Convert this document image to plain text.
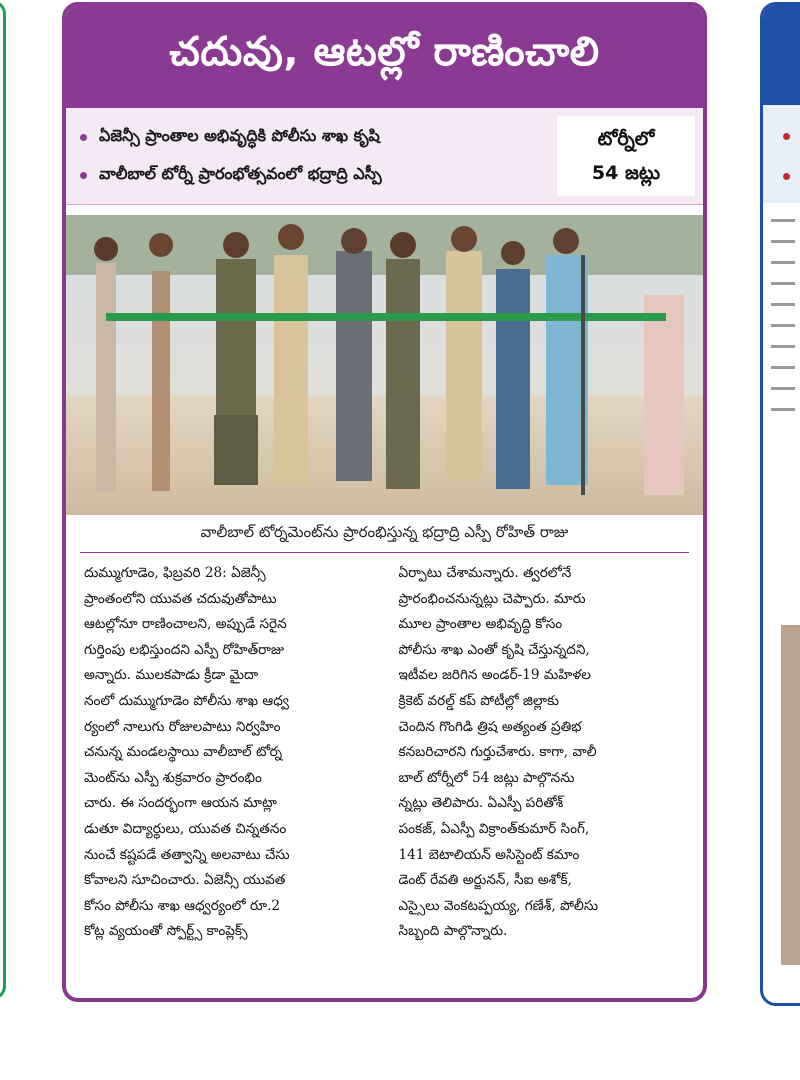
చదువు, ఆటల్లో రాణించాలి
ఏజెన్సీ ప్రాంతాల అభివృద్ధికి పోలీసు శాఖ కృషి
వాలీబాల్ టోర్నీ ప్రారంభోత్సవంలో భద్రాద్రి ఎస్పీ
టోర్నీలో
54 జట్లు
వాలీబాల్ టోర్నమెంట్‌ను ప్రారంభిస్తున్న భద్రాద్రి ఎస్పీ రోహిత్ రాజు
దుమ్ముగూడెం, ఫిబ్రవరి 28: ఏజెన్సీ
ప్రాంతంలోని యువత చదువుతోపాటు
ఆటల్లోనూ రాణించాలని, అప్పుడే సరైన
గుర్తింపు లభిస్తుందని ఎస్పీ రోహిత్‌రాజు
అన్నారు. ములకపాడు క్రీడా మైదా
నంలో దుమ్ముగూడెం పోలీసు శాఖ ఆధ్వ
ర్యంలో నాలుగు రోజులపాటు నిర్వహిం
చనున్న మండలస్థాయి వాలీబాల్ టోర్న
మెంట్‌ను ఎస్పీ శుక్రవారం ప్రారంభిం
చారు. ఈ సందర్భంగా ఆయన మాట్లా
డుతూ విద్యార్థులు, యువత చిన్నతనం
నుంచే కష్టపడే తత్వాన్ని అలవాటు చేసు
కోవాలని సూచించారు. ఏజెన్సీ యువత
కోసం పోలీసు శాఖ ఆధ్వర్యంలో రూ.2
కోట్ల వ్యయంతో స్పోర్ట్స్ కాంప్లెక్స్
ఏర్పాటు చేశామన్నారు. త్వరలోనే
ప్రారంభించనున్నట్లు చెప్పారు. మారు
మూల ప్రాంతాల అభివృద్ధి కోసం
పోలీసు శాఖ ఎంతో కృషి చేస్తున్నదని,
ఇటీవల జరిగిన అండర్-19 మహిళల
క్రికెట్ వరల్డ్ కప్ పోటీల్లో జిల్లాకు
చెందిన గొంగిడి త్రిష అత్యంత ప్రతిభ
కనబరిచారని గుర్తుచేశారు. కాగా, వాలీ
బాల్ టోర్నీలో 54 జట్లు పాల్గొనను
న్నట్లు తెలిపారు. ఏఎస్పీ పరితోశ్
పంకజ్, ఏఎస్పీ విక్రాంత్‌కుమార్ సింగ్,
141 బెటాలియన్ అసిస్టెంట్ కమాం
డెంట్ రేవతి అర్జునన్, సీఐ అశోక్,
ఎస్సైలు వెంకటప్పయ్య, గణేశ్, పోలీసు
సిబ్బంది పాల్గొన్నారు.
